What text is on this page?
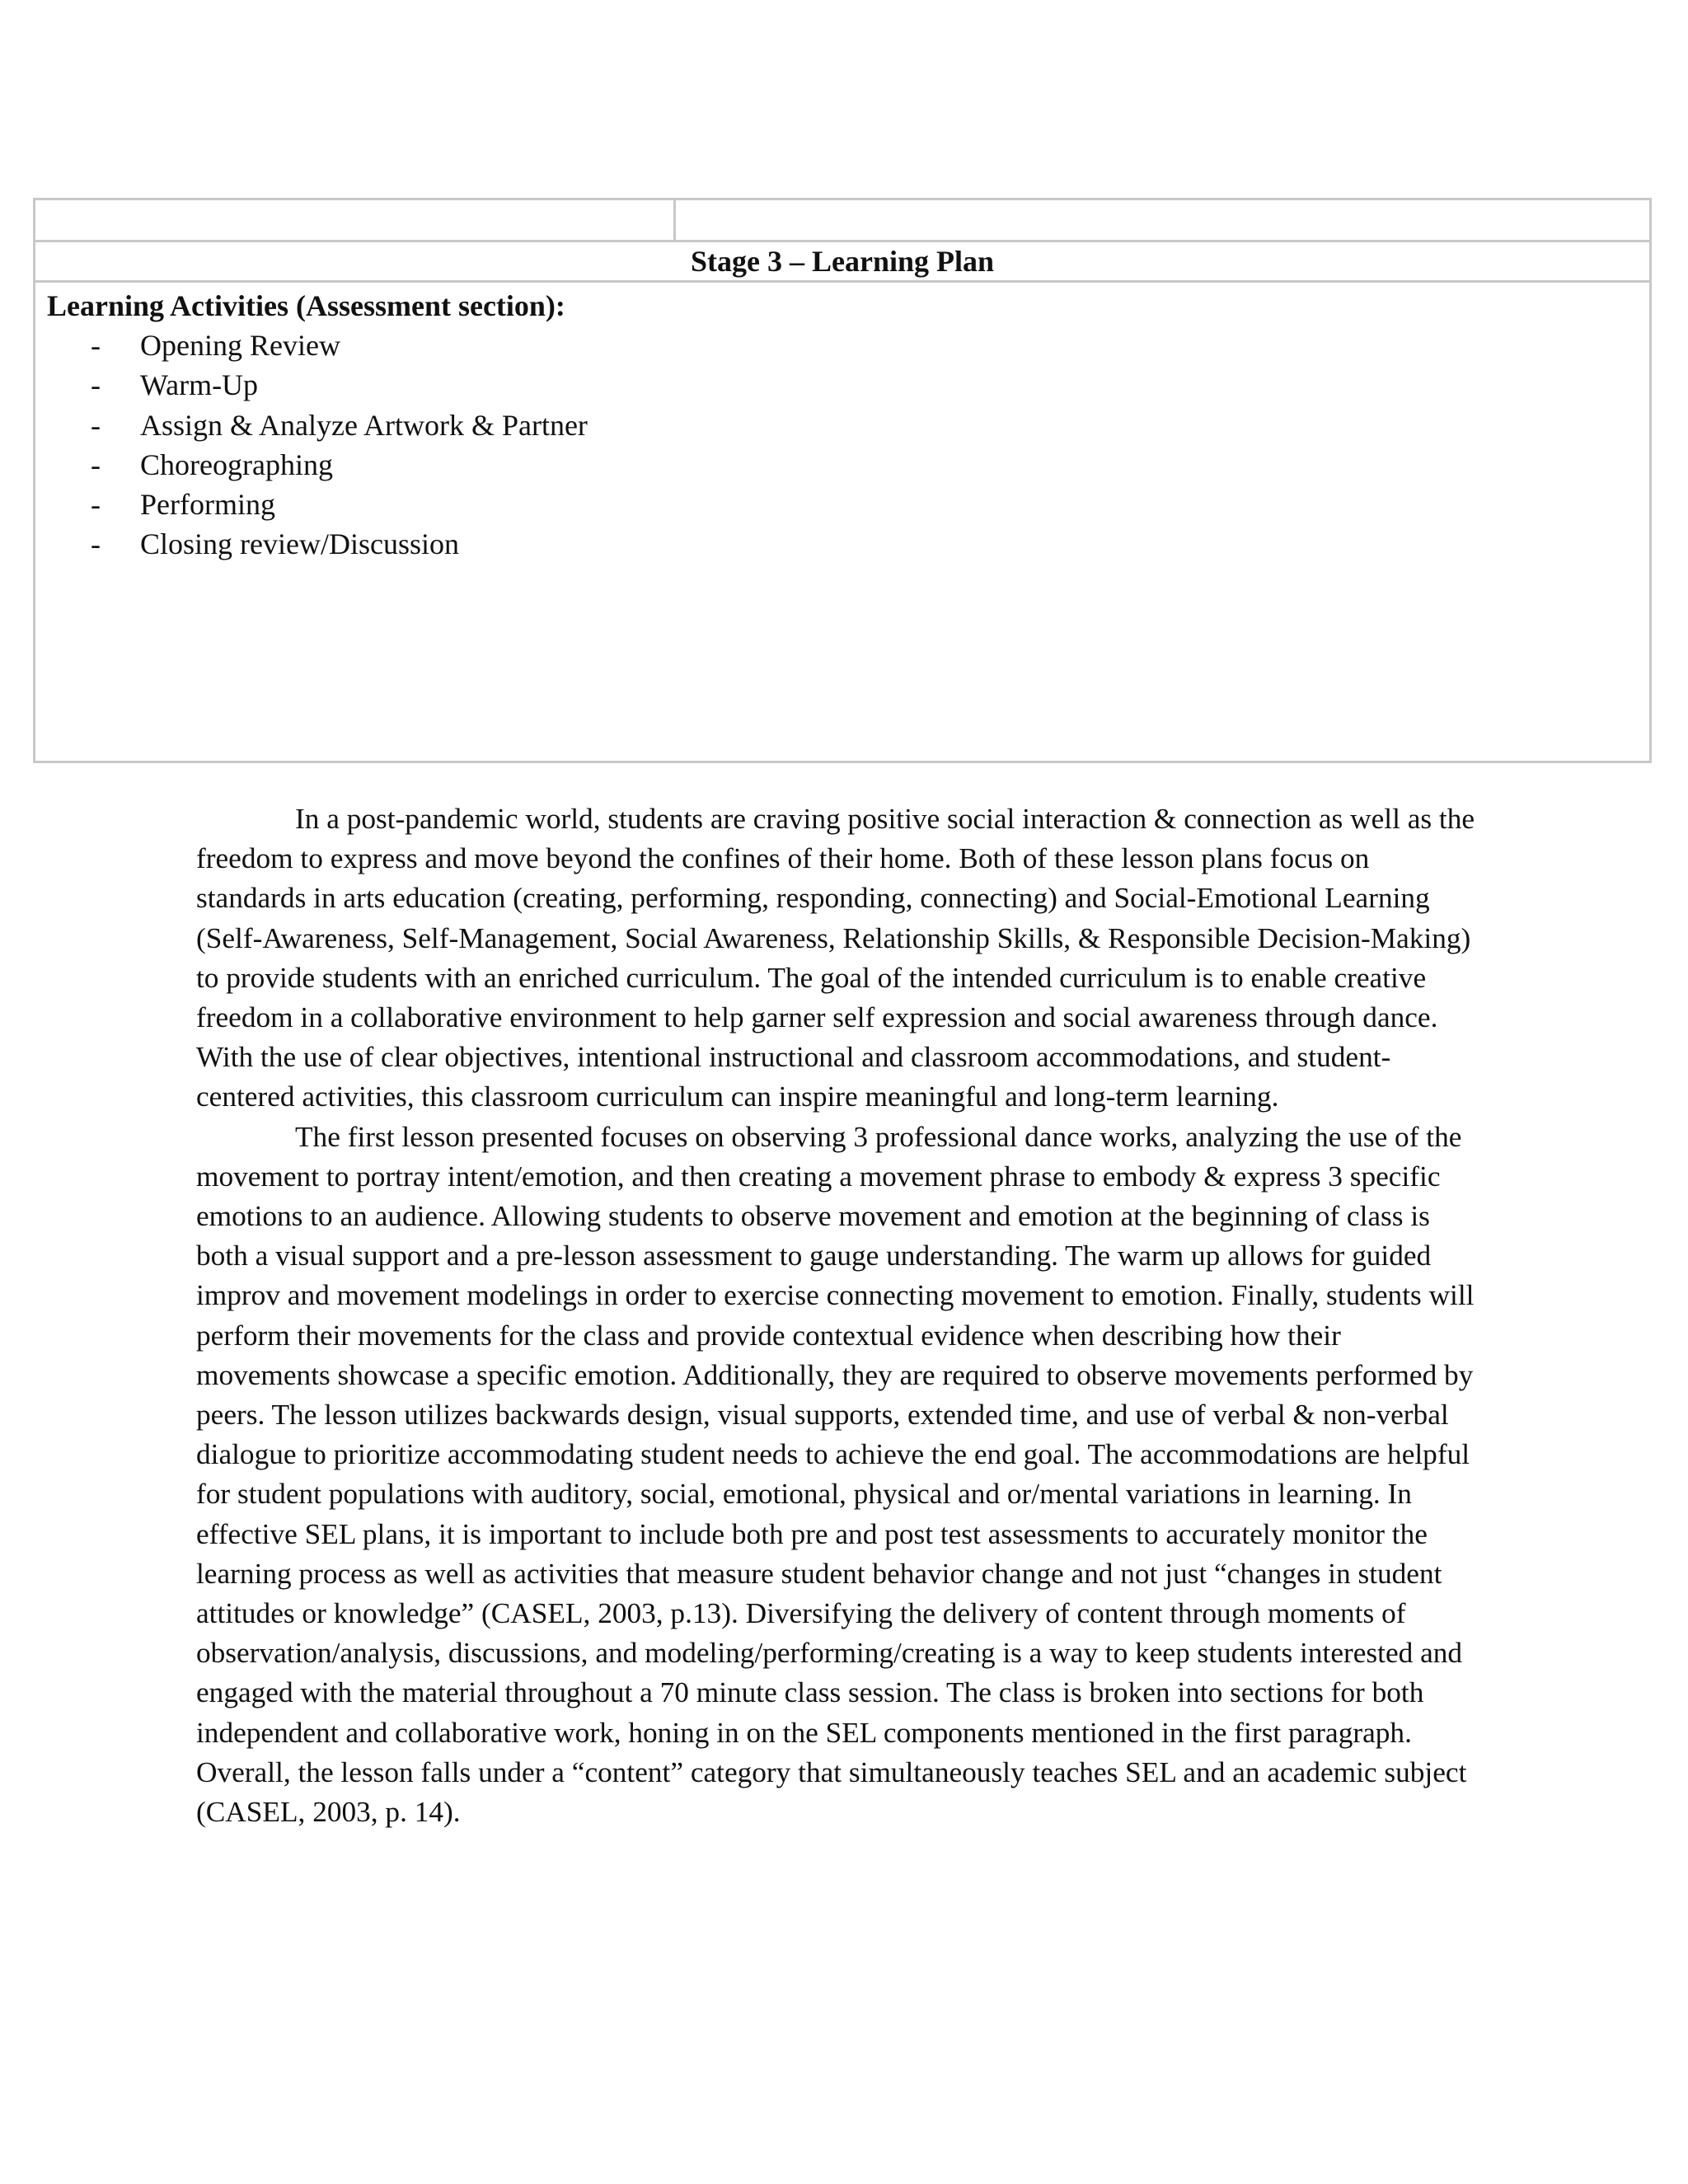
Stage 3 – Learning Plan

Learning Activities (Assessment section):

-	Opening Review
-	Warm-Up
-	Assign & Analyze Artwork & Partner
-	Choreographing
-	Performing
-	Closing review/Discussion

In a post-pandemic world, students are craving positive social interaction & connection as well as the freedom to express and move beyond the confines of their home. Both of these lesson plans focus on standards in arts education (creating, performing, responding, connecting) and Social-Emotional Learning (Self-Awareness, Self-Management, Social Awareness, Relationship Skills, & Responsible Decision-Making) to provide students with an enriched curriculum. The goal of the intended curriculum is to enable creative freedom in a collaborative environment to help garner self expression and social awareness through dance. With the use of clear objectives, intentional instructional and classroom accommodations, and student-centered activities, this classroom curriculum can inspire meaningful and long-term learning.

The first lesson presented focuses on observing 3 professional dance works, analyzing the use of the movement to portray intent/emotion, and then creating a movement phrase to embody & express 3 specific emotions to an audience. Allowing students to observe movement and emotion at the beginning of class is both a visual support and a pre-lesson assessment to gauge understanding. The warm up allows for guided improv and movement modelings in order to exercise connecting movement to emotion. Finally, students will perform their movements for the class and provide contextual evidence when describing how their movements showcase a specific emotion. Additionally, they are required to observe movements performed by peers. The lesson utilizes backwards design, visual supports, extended time, and use of verbal & non-verbal dialogue to prioritize accommodating student needs to achieve the end goal. The accommodations are helpful for student populations with auditory, social, emotional, physical and or/mental variations in learning. In effective SEL plans, it is important to include both pre and post test assessments to accurately monitor the learning process as well as activities that measure student behavior change and not just “changes in student attitudes or knowledge” (CASEL, 2003, p.13). Diversifying the delivery of content through moments of observation/analysis, discussions, and modeling/performing/creating is a way to keep students interested and engaged with the material throughout a 70 minute class session. The class is broken into sections for both independent and collaborative work, honing in on the SEL components mentioned in the first paragraph. Overall, the lesson falls under a “content” category that simultaneously teaches SEL and an academic subject (CASEL, 2003, p. 14).
